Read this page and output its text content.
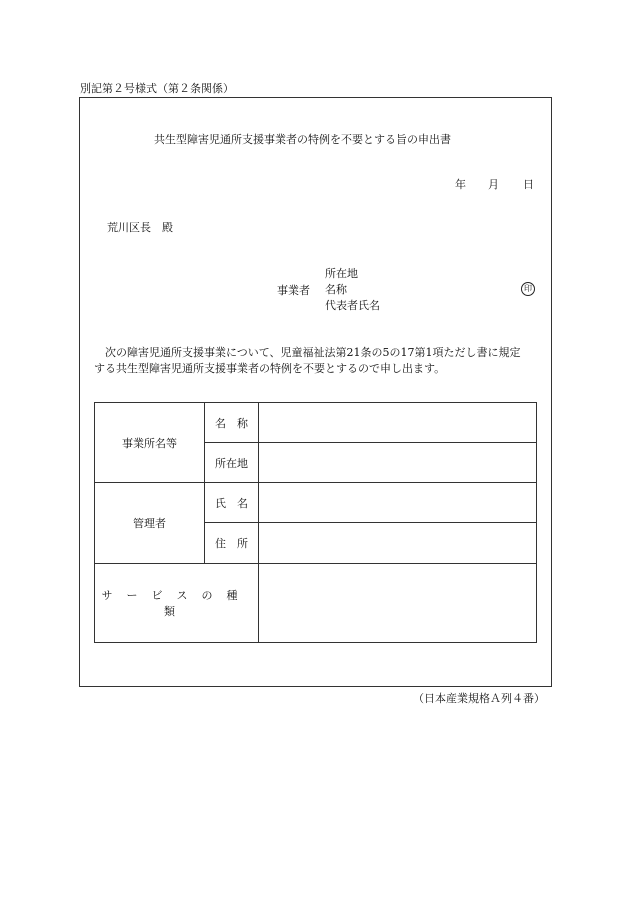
別記第２号様式（第２条関係）
共生型障害児通所支援事業者の特例を不要とする旨の申出書
年 月 日
荒川区長　殿
事業者
所在地
名称
代表者氏名
印
　次の障害児通所支援事業について、児童福祉法第21条の5の17第1項ただし書に規定
する共生型障害児通所支援事業者の特例を不要とするので申し出ます。
事業所名等	名　称	
	所在地	
管理者	氏　名	
	住　所	
サービスの種類		
（日本産業規格Ａ列４番）
